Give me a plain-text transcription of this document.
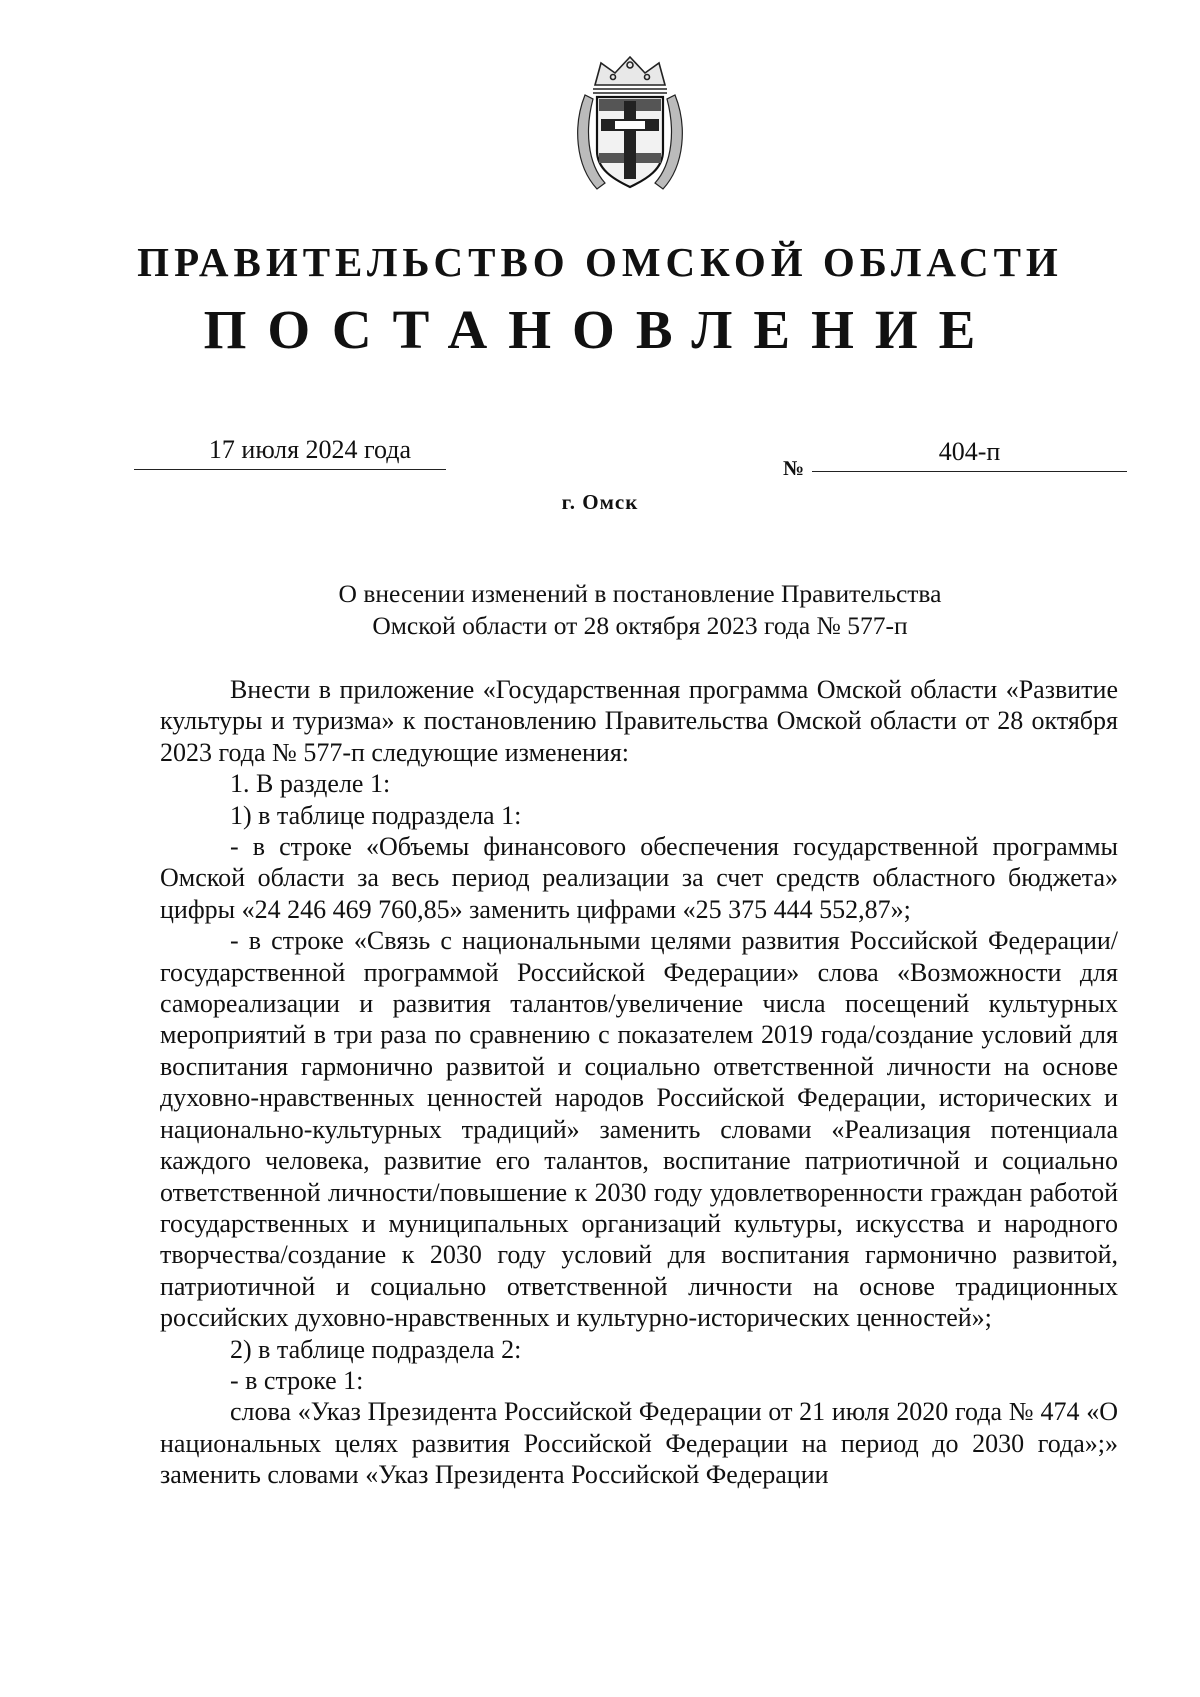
ПРАВИТЕЛЬСТВО ОМСКОЙ ОБЛАСТИ
ПОСТАНОВЛЕНИЕ
17 июля 2024 года
№
404-п
г. Омск
О внесении изменений в постановление Правительства
Омской области от 28 октября 2023 года № 577-п

Внести в приложение «Государственная программа Омской области «Развитие культуры и туризма» к постановлению Правительства Омской области от 28 октября 2023 года № 577-п следующие изменения:

1. В разделе 1:

1) в таблице подраздела 1:

- в строке «Объемы финансового обеспечения государственной программы Омской области за весь период реализации за счет средств областного бюджета» цифры «24 246 469 760,85» заменить цифрами «25 375 444 552,87»;

- в строке «Связь с национальными целями развития Российской Федерации/ государственной программой Российской Федерации» слова «Возможности для самореализации и развития талантов/увеличение числа посещений культурных мероприятий в три раза по сравнению с показателем 2019 года/создание условий для воспитания гармонично развитой и социально ответственной личности на основе духовно-нравственных ценностей народов Российской Федерации, исторических и национально-культурных традиций» заменить словами «Реализация потенциала каждого человека, развитие его талантов, воспитание патриотичной и социально ответственной личности/повышение к 2030 году удовлетворенности граждан работой государственных и муниципальных организаций культуры, искусства и народного творчества/создание к 2030 году условий для воспитания гармонично развитой, патриотичной и социально ответственной личности на основе традиционных российских духовно-нравственных и культурно-исторических ценностей»;

2) в таблице подраздела 2:

- в строке 1:

слова «Указ Президента Российской Федерации от 21 июля 2020 года № 474 «О национальных целях развития Российской Федерации на период до 2030 года»;» заменить словами «Указ Президента Российской Федерации
